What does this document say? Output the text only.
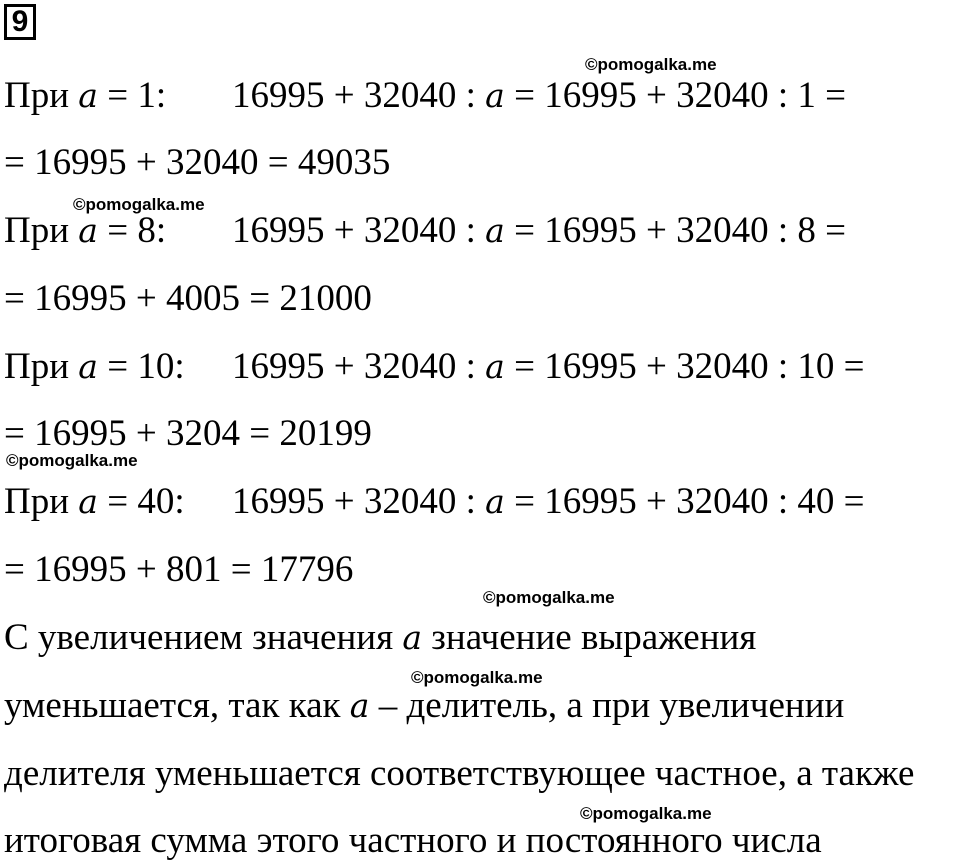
9
©pomogalka.me
©pomogalka.me
©pomogalka.me
©pomogalka.me
©pomogalka.me
©pomogalka.me
При a = 1: 16995 + 32040 : a = 16995 + 32040 : 1 =
= 16995 + 32040 = 49035
При a = 8: 16995 + 32040 : a = 16995 + 32040 : 8 =
= 16995 + 4005 = 21000
При a = 10: 16995 + 32040 : a = 16995 + 32040 : 10 =
= 16995 + 3204 = 20199
При a = 40: 16995 + 32040 : a = 16995 + 32040 : 40 =
= 16995 + 801 = 17796
С увеличением значения a значение выражения
уменьшается, так как a – делитель, а при увеличении
делителя уменьшается соответствующее частное, а также
итоговая сумма этого частного и постоянного числа
